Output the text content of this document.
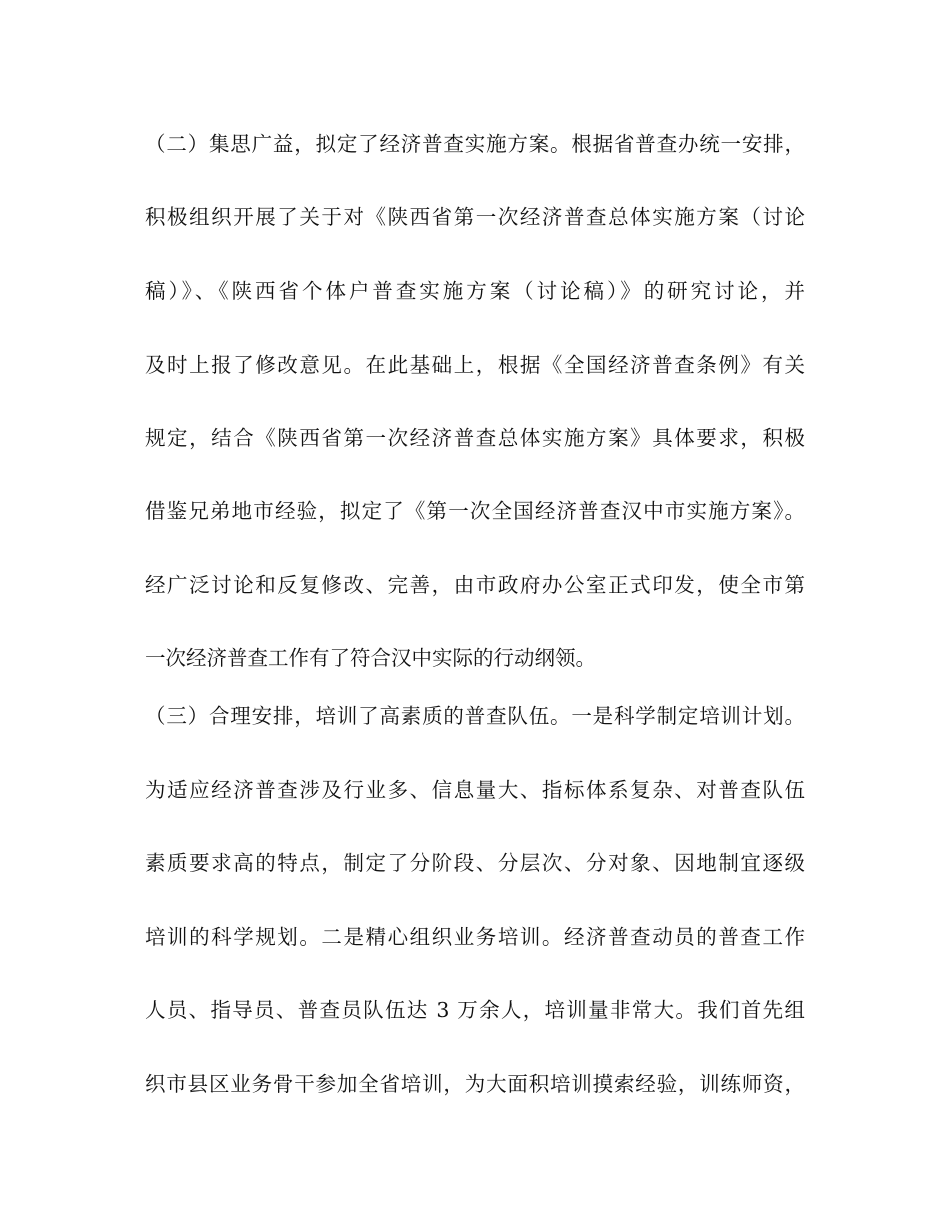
（二）集思广益，拟定了经济普查实施方案。根据省普查办统一安排，
积极组织开展了关于对《陕西省第一次经济普查总体实施方案（讨论
稿）》、《陕西省个体户普查实施方案（讨论稿）》的研究讨论，并
及时上报了修改意见。在此基础上，根据《全国经济普查条例》有关
规定，结合《陕西省第一次经济普查总体实施方案》具体要求，积极
借鉴兄弟地市经验，拟定了《第一次全国经济普查汉中市实施方案》。
经广泛讨论和反复修改、完善，由市政府办公室正式印发，使全市第
一次经济普查工作有了符合汉中实际的行动纲领。
（三）合理安排，培训了高素质的普查队伍。一是科学制定培训计划。
为适应经济普查涉及行业多、信息量大、指标体系复杂、对普查队伍
素质要求高的特点，制定了分阶段、分层次、分对象、因地制宜逐级
培训的科学规划。二是精心组织业务培训。经济普查动员的普查工作
人员、指导员、普查员队伍达 3 万余人，培训量非常大。我们首先组
织市县区业务骨干参加全省培训，为大面积培训摸索经验，训练师资，
